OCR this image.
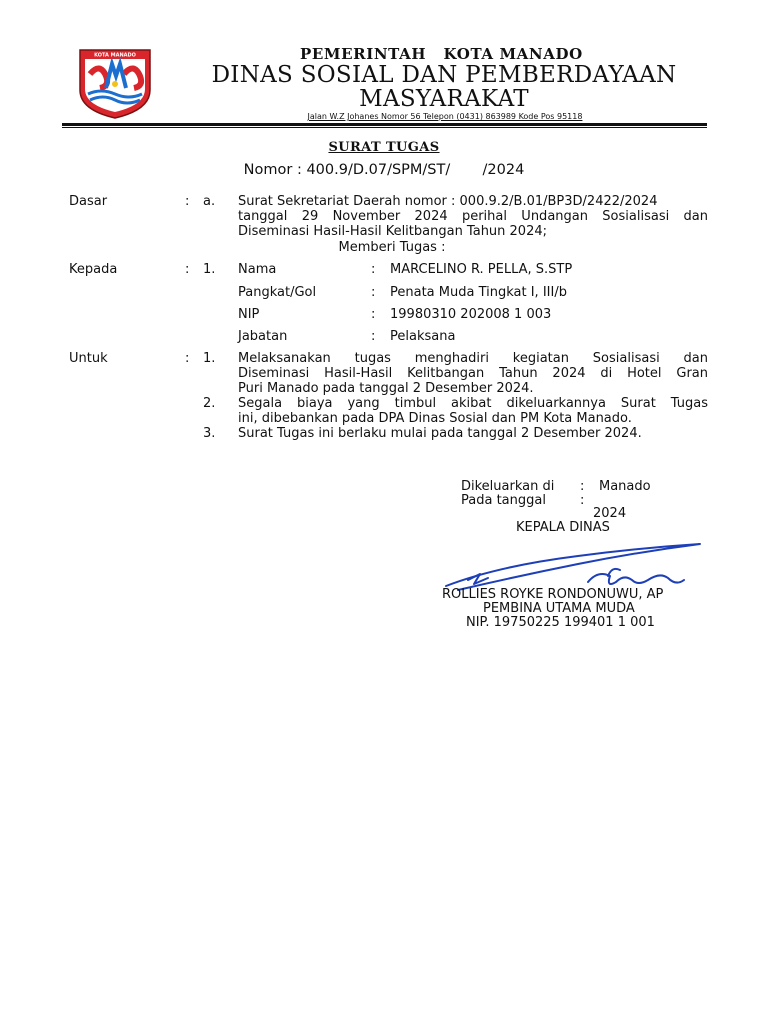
KOTA MANADO	PEMERINTAH   KOTA MANADO
DINAS SOSIAL DAN PEMBERDAYAAN
MASYARAKAT
Jalan W.Z Johanes Nomor 56 Telepon (0431) 863989 Kode Pos 95118
SURAT TUGAS
Nomor : 400.9/D.07/SPM/ST/       /2024
Dasar	: a. Surat Sekretariat Daerah nomor : 000.9.2/B.01/BP3D/2422/2024
tanggal 29 November 2024 perihal Undangan Sosialisasi dan
Diseminasi Hasil-Hasil Kelitbangan Tahun 2024;
Memberi Tugas :
Kepada	: 1. Nama	: MARCELINO R. PELLA, S.STP
Pangkat/Gol	: Penata Muda Tingkat I, III/b
NIP	: 19980310 202008 1 003
Jabatan	: Pelaksana
Untuk	: 1. Melaksanakan tugas menghadiri kegiatan Sosialisasi dan
Diseminasi Hasil-Hasil Kelitbangan Tahun 2024 di Hotel Gran
Puri Manado pada tanggal 2 Desember 2024.
2. Segala biaya yang timbul akibat dikeluarkannya Surat Tugas
ini, dibebankan pada DPA Dinas Sosial dan PM Kota Manado.
3. Surat Tugas ini berlaku mulai pada tanggal 2 Desember 2024.
Dikeluarkan di : Manado
Pada tanggal	:
2024
KEPALA DINAS
ROLLIES ROYKE RONDONUWU, AP
PEMBINA UTAMA MUDA
NIP. 19750225 199401 1 001
